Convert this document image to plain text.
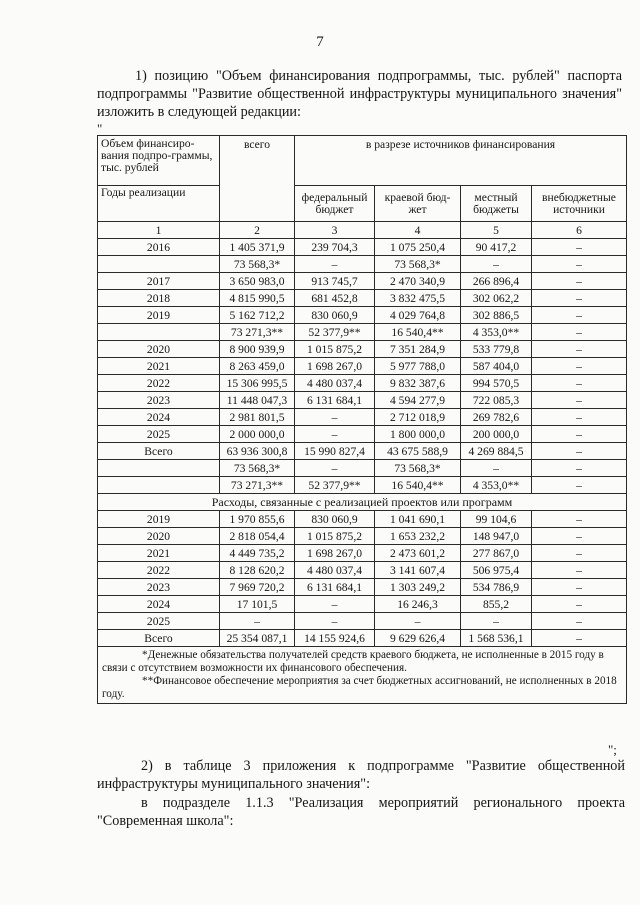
7

1) позицию "Объем финансирования подпрограммы, тыс. рублей" паспорта подпрограммы "Развитие общественной инфраструктуры муниципального значения" изложить в следующей редакции:

"
Объем финансиро-вания подпро-граммы, тыс. рублей	всего	в разрезе источников финансирования			
Годы реализации		федеральный бюджет	краевой бюд-жет	местный бюджеты	внебюджетные источники
1	2	3	4	5	6
2016	1 405 371,9	239 704,3	1 075 250,4	90 417,2	–
	73 568,3*	–	73 568,3*	–	–
2017	3 650 983,0	913 745,7	2 470 340,9	266 896,4	–
2018	4 815 990,5	681 452,8	3 832 475,5	302 062,2	–
2019	5 162 712,2	830 060,9	4 029 764,8	302 886,5	–
	73 271,3**	52 377,9**	16 540,4**	4 353,0**	–
2020	8 900 939,9	1 015 875,2	7 351 284,9	533 779,8	–
2021	8 263 459,0	1 698 267,0	5 977 788,0	587 404,0	–
2022	15 306 995,5	4 480 037,4	9 832 387,6	994 570,5	–
2023	11 448 047,3	6 131 684,1	4 594 277,9	722 085,3	–
2024	2 981 801,5	–	2 712 018,9	269 782,6	–
2025	2 000 000,0	–	1 800 000,0	200 000,0	–
Всего	63 936 300,8	15 990 827,4	43 675 588,9	4 269 884,5	–
	73 568,3*	–	73 568,3*	–	–
	73 271,3**	52 377,9**	16 540,4**	4 353,0**	–
Расходы, связанные с реализацией проектов или программ					
2019	1 970 855,6	830 060,9	1 041 690,1	99 104,6	–
2020	2 818 054,4	1 015 875,2	1 653 232,2	148 947,0	–
2021	4 449 735,2	1 698 267,0	2 473 601,2	277 867,0	–
2022	8 128 620,2	4 480 037,4	3 141 607,4	506 975,4	–
2023	7 969 720,2	6 131 684,1	1 303 249,2	534 786,9	–
2024	17 101,5	–	16 246,3	855,2	–
2025	–	–	–	–	–
Всего	25 354 087,1	14 155 924,6	9 629 626,4	1 568 536,1	–

*Денежные обязательства получателей средств краевого бюджета, не исполненные в 2015 году в связи с отсутствием возможности их финансового обеспечения.

**Финансовое обеспечение мероприятия за счет бюджетных ассигнований, не исполненных в 2018 году.					

";

2) в таблице 3 приложения к подпрограмме "Развитие общественной инфраструктуры муниципального значения":

в подразделе 1.1.3 "Реализация мероприятий регионального проекта "Современная школа":
